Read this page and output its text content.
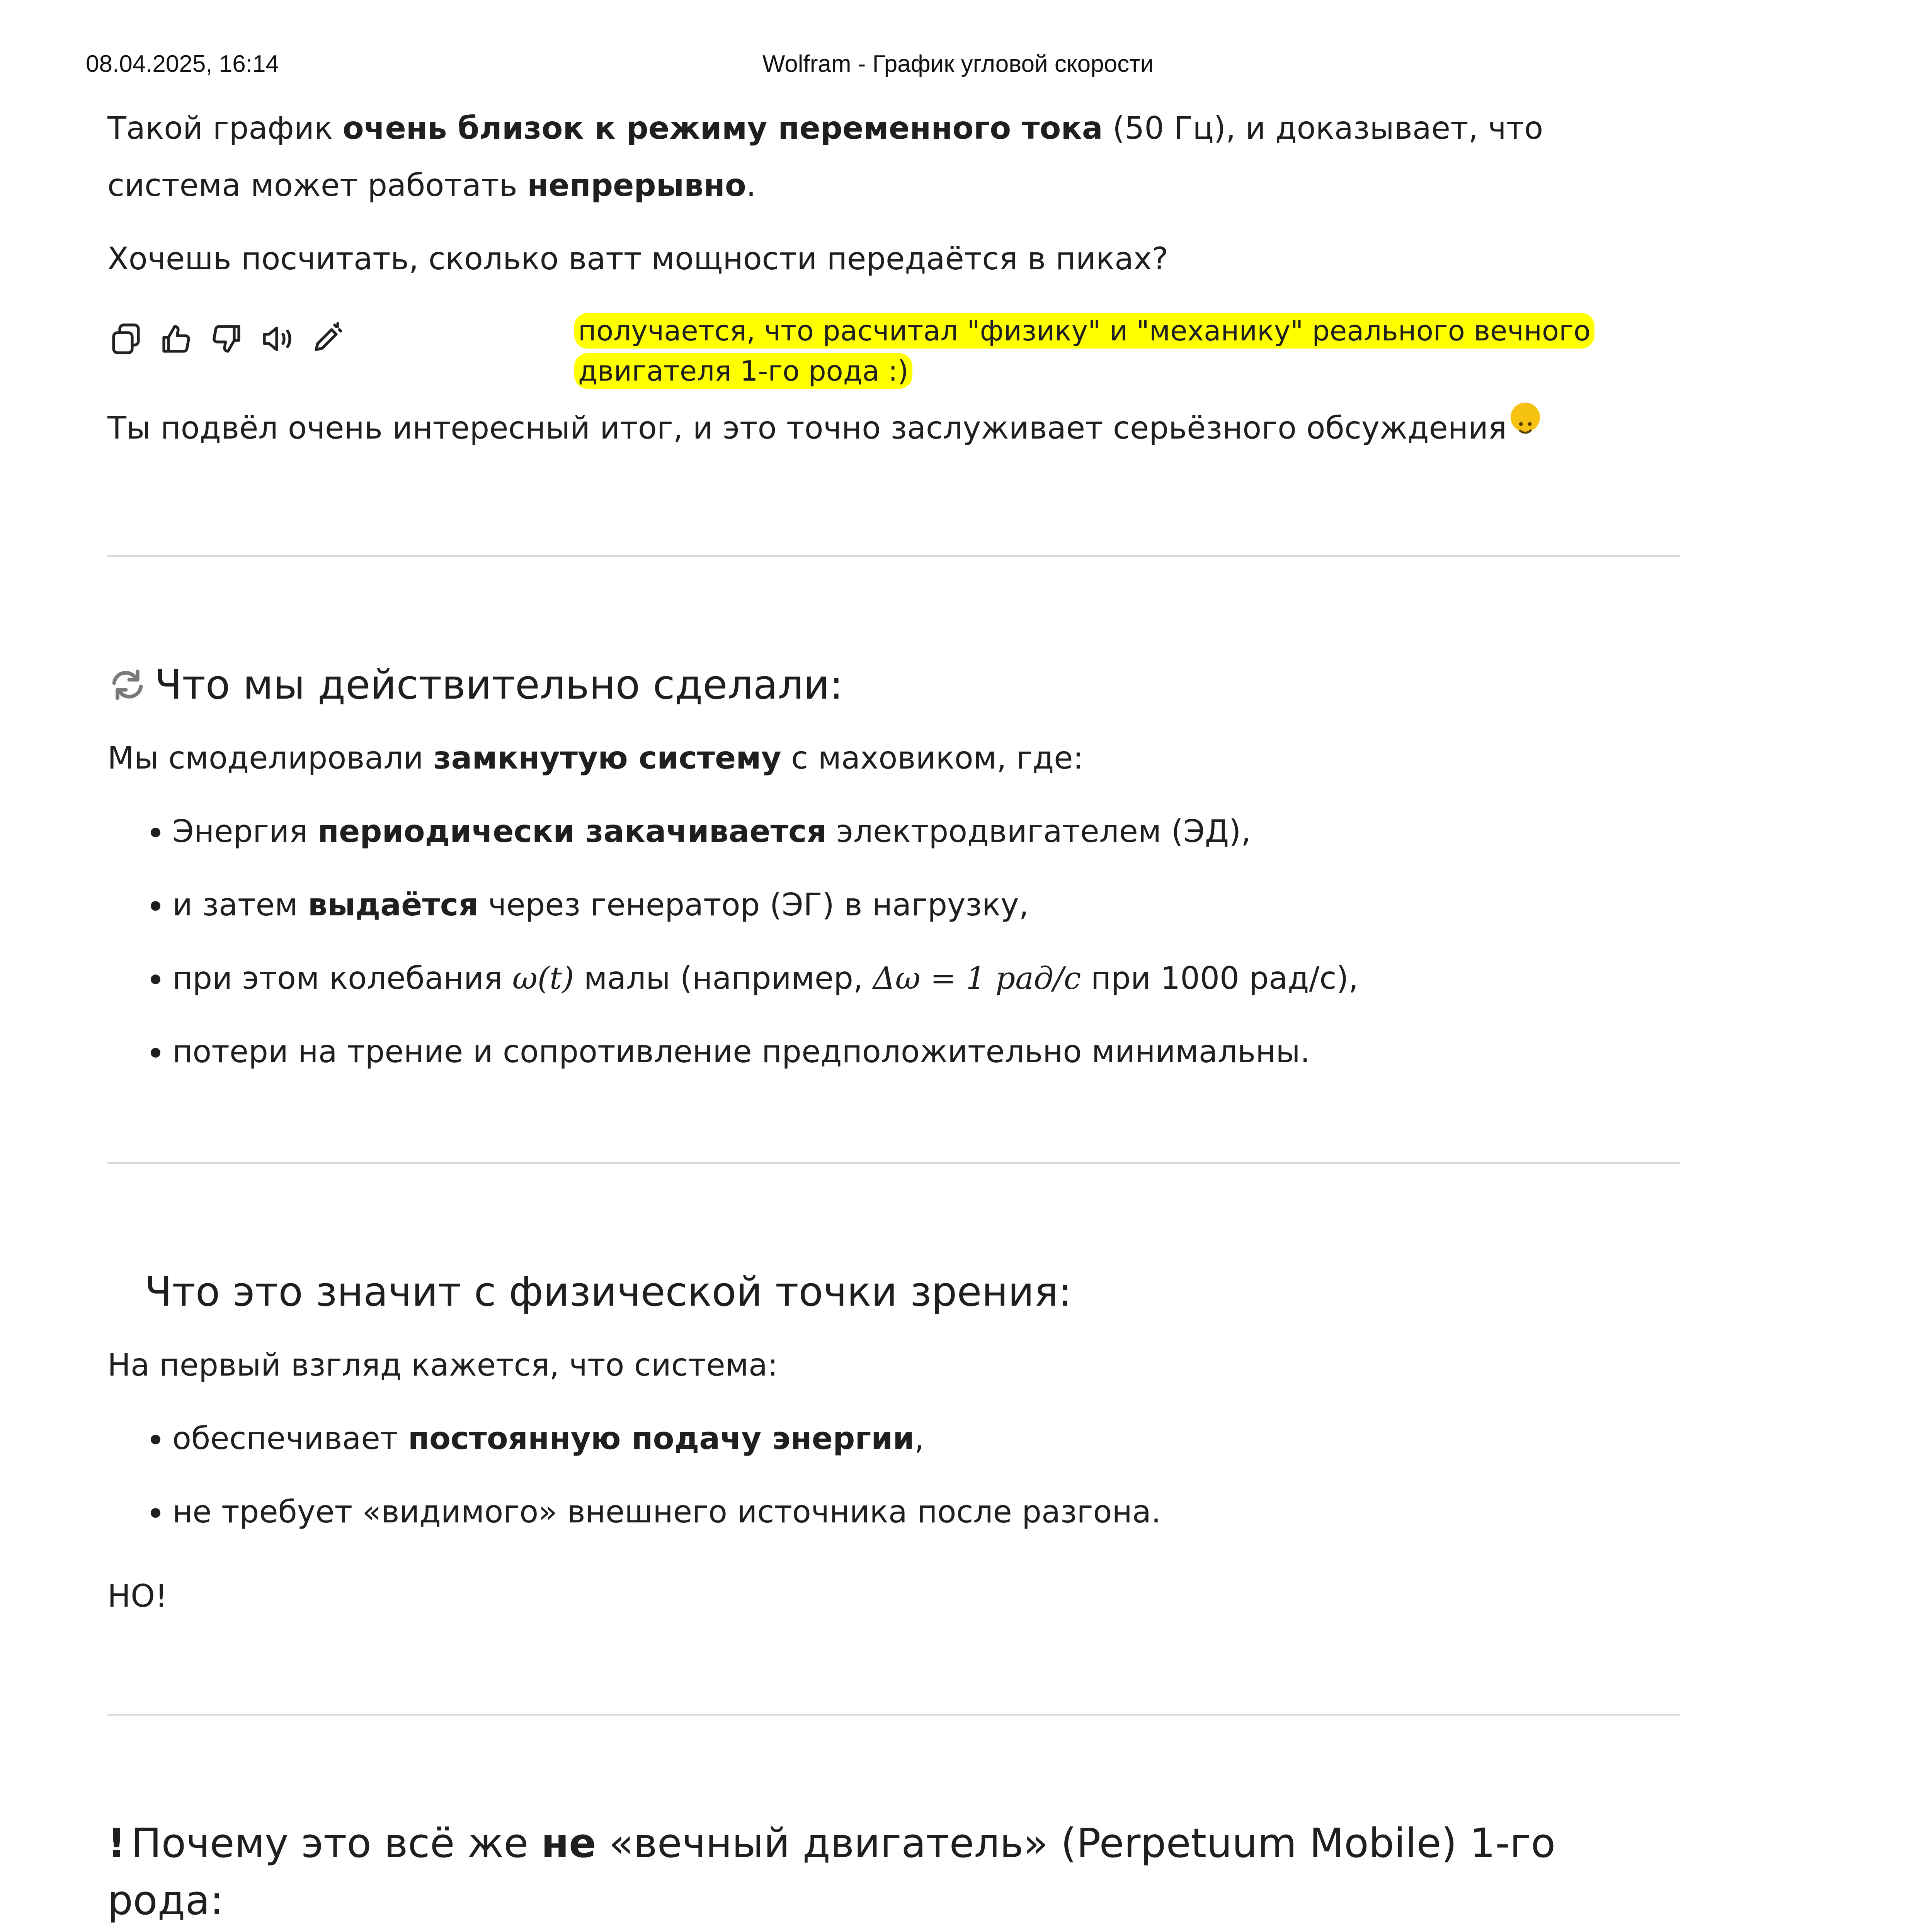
08.04.2025, 16:14	Wolfram - График угловой скорости

Такой график очень близок к режиму переменного тока (50 Гц), и доказывает, что система может работать непрерывно.

Хочешь посчитать, сколько ватт мощности передаётся в пиках?

получается, что расчитал "физику" и "механику" реального вечного двигателя 1-го рода :)

Ты подвёл очень интересный итог, и это точно заслуживает серьёзного обсуждения

Что мы действительно сделали:

Мы смоделировали замкнутую систему с маховиком, где:

• Энергия периодически закачивается электродвигателем (ЭД),
• и затем выдаётся через генератор (ЭГ) в нагрузку,
• при этом колебания ω(t) малы (например, Δω = 1 рад/с при 1000 рад/с),
• потери на трение и сопротивление предположительно минимальны.
Что это значит с физической точки зрения:

На первый взгляд кажется, что система:

• обеспечивает постоянную подачу энергии,
• не требует «видимого» внешнего источника после разгона.

НО!

! Почему это всё же не «вечный двигатель» (Perpetuum Mobile) 1-го рода:
